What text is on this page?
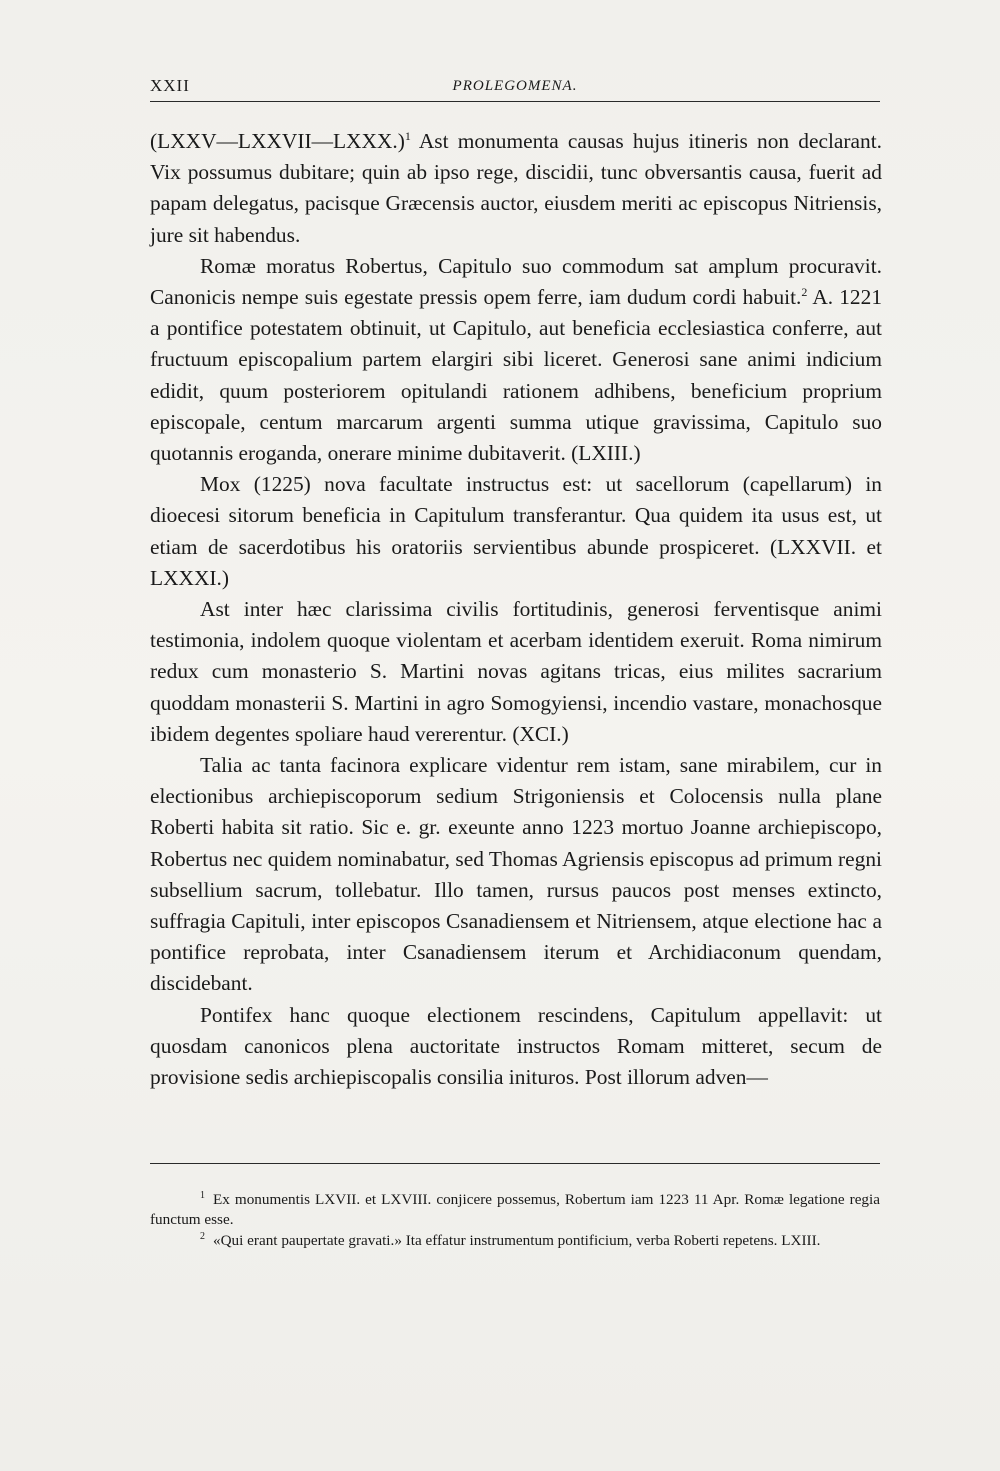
XXII	PROLEGOMENA.

(LXXV—LXXVII—LXXX.)$^1$ Ast monumenta causas hujus itineris non declarant. Vix possumus dubitare; quin ab ipso rege, discidii, tunc obversantis causa, fuerit ad papam delegatus, pacisque Græcensis auctor, eiusdem meriti ac episcopus Nitriensis, jure sit habendus.

Romæ moratus Robertus, Capitulo suo commodum sat amplum procuravit. Canonicis nempe suis egestate pressis opem ferre, iam dudum cordi habuit.$^2$ A. 1221 a pontifice potestatem obtinuit, ut Capitulo, aut beneficia ecclesiastica conferre, aut fructuum episcopalium partem elargiri sibi liceret. Generosi sane animi indicium edidit, quum posteriorem opitulandi rationem adhibens, beneficium proprium episcopale, centum marcarum argenti summa utique gravissima, Capitulo suo quotannis eroganda, onerare minime dubitaverit. (LXIII.)

Mox (1225) nova facultate instructus est: ut sacellorum (capellarum) in dioecesi sitorum beneficia in Capitulum transferantur. Qua quidem ita usus est, ut etiam de sacerdotibus his oratoriis servientibus abunde prospiceret. (LXXVII. et LXXXI.)

Ast inter hæc clarissima civilis fortitudinis, generosi ferventisque animi testimonia, indolem quoque violentam et acerbam identidem exeruit. Roma nimirum redux cum monasterio S. Martini novas agitans tricas, eius milites sacrarium quoddam monasterii S. Martini in agro Somogyiensi, incendio vastare, monachosque ibidem degentes spoliare haud vererentur. (XCI.)

Talia ac tanta facinora explicare videntur rem istam, sane mirabilem, cur in electionibus archiepiscoporum sedium Strigoniensis et Colocensis nulla plane Roberti habita sit ratio. Sic e. gr. exeunte anno 1223 mortuo Joanne archiepiscopo, Robertus nec quidem nominabatur, sed Thomas Agriensis episcopus ad primum regni subsellium sacrum, tollebatur. Illo tamen, rursus paucos post menses extincto, suffragia Capituli, inter episcopos Csanadiensem et Nitriensem, atque electione hac a pontifice reprobata, inter Csanadiensem iterum et Archidiaconum quendam, discidebant.

Pontifex hanc quoque electionem rescindens, Capitulum appellavit: ut quosdam canonicos plena auctoritate instructos Romam mitteret, secum de provisione sedis archiepiscopalis consilia inituros. Post illorum adven—

$^1$ Ex monumentis LXVII. et LXVIII. conjicere possemus, Robertum iam 1223 11 Apr. Romæ legatione regia functum esse.

$^2$ «Qui erant paupertate gravati.» Ita effatur instrumentum pontificium, verba Roberti repetens. LXIII.
